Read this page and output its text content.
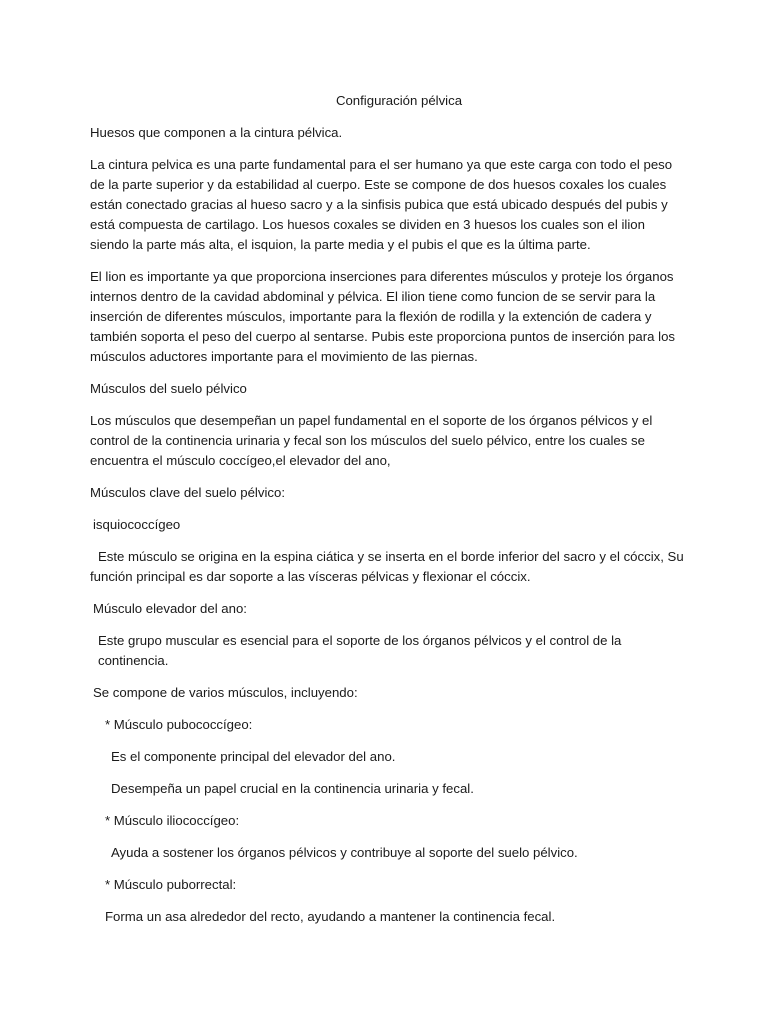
Configuración pélvica

Huesos que componen a la cintura pélvica.

La cintura pelvica es una parte fundamental para el ser humano ya que este carga con todo el peso de la parte superior y da estabilidad al cuerpo. Este se compone de dos huesos coxales los cuales están conectado gracias al hueso sacro y a la sinfisis pubica que está ubicado después del pubis y está compuesta de cartilago. Los huesos coxales se dividen en 3 huesos los cuales son el ilion siendo la parte más alta, el isquion, la parte media y el pubis el que es la última parte.

El lion es importante ya que proporciona inserciones para diferentes músculos y proteje los órganos internos dentro de la cavidad abdominal y pélvica. El ilion tiene como funcion de se servir para la inserción de diferentes músculos, importante para la flexión de rodilla y la extención de cadera y también soporta el peso del cuerpo al sentarse. Pubis este proporciona puntos de inserción para los músculos aductores importante para el movimiento de las piernas.

Músculos del suelo pélvico

Los músculos que desempeñan un papel fundamental en el soporte de los órganos pélvicos y el control de la continencia urinaria y fecal son los músculos del suelo pélvico, entre los cuales se encuentra el músculo coccígeo,el elevador del ano,

Músculos clave del suelo pélvico:

isquiococcígeo

Este músculo se origina en la espina ciática y se inserta en el borde inferior del sacro y el cóccix, Su función principal es dar soporte a las vísceras pélvicas y flexionar el cóccix.

Músculo elevador del ano:

Este grupo muscular es esencial para el soporte de los órganos pélvicos y el control de la continencia.

Se compone de varios músculos, incluyendo:

* Músculo pubococcígeo:

Es el componente principal del elevador del ano.

Desempeña un papel crucial en la continencia urinaria y fecal.

* Músculo iliococcígeo:

Ayuda a sostener los órganos pélvicos y contribuye al soporte del suelo pélvico.

* Músculo puborrectal:

Forma un asa alrededor del recto, ayudando a mantener la continencia fecal.
